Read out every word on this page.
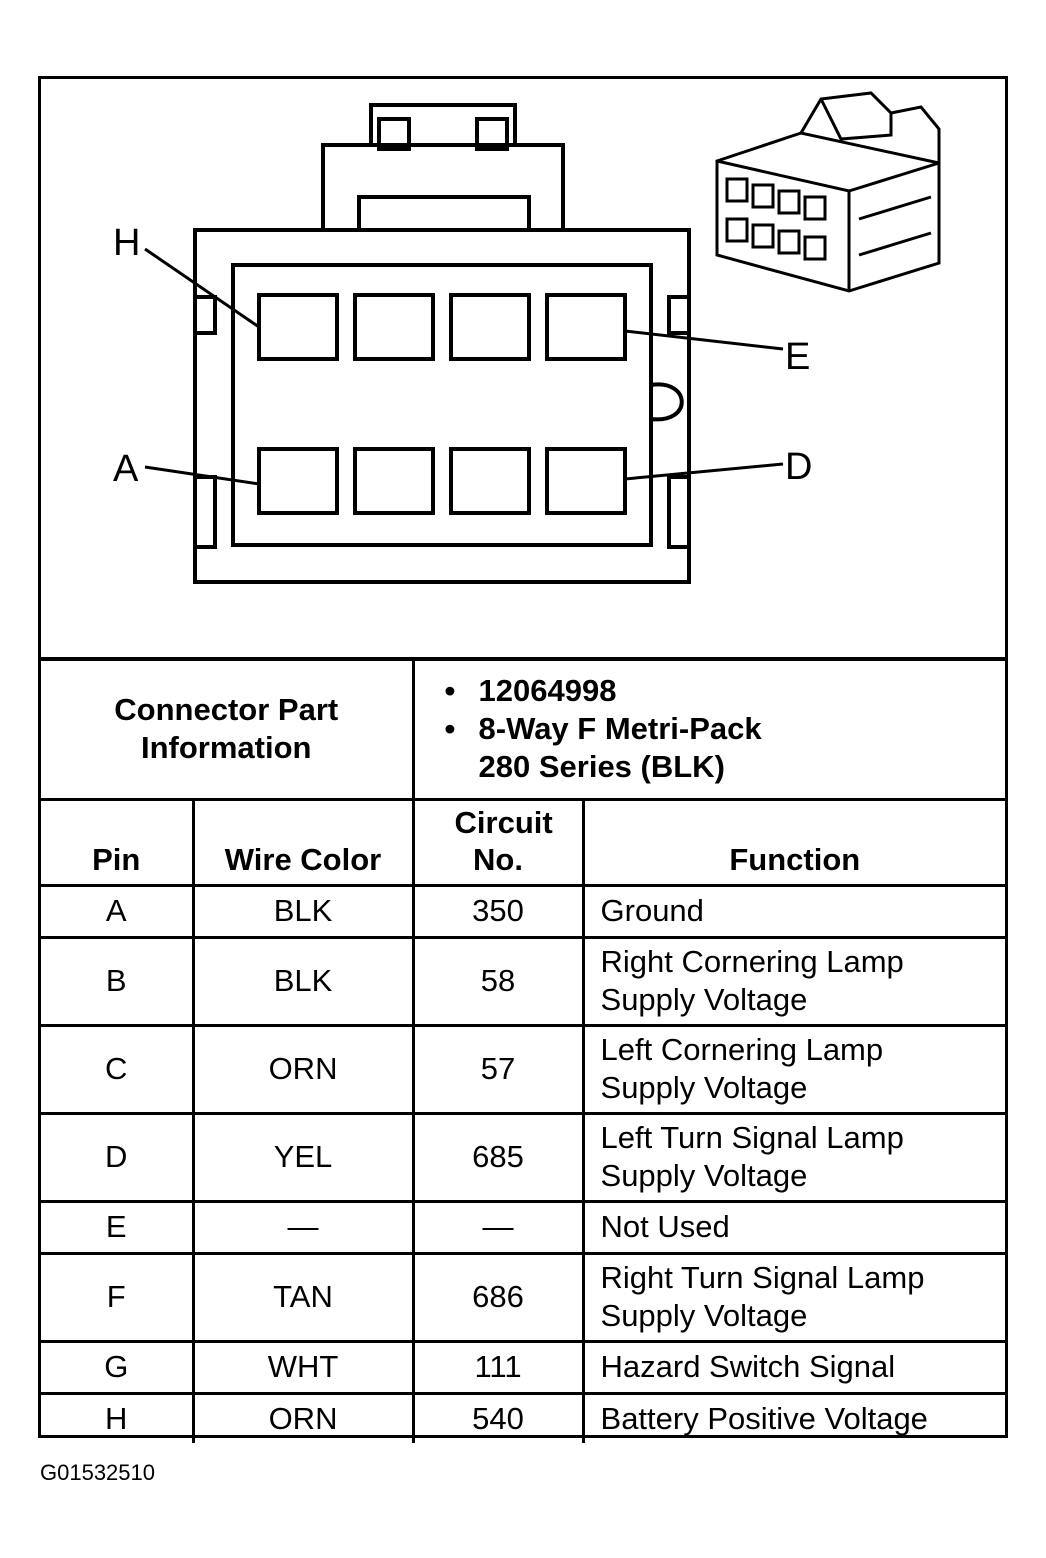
H
E
A	D
Connector Part Information		• 12064998
• 8-Way F Metri-Pack
280 Series (BLK)

Pin	Wire Color	Circuit No.	Function
A	BLK	350	Ground
B	BLK	58	Right Cornering Lamp Supply Voltage
C	ORN	57	Left Cornering Lamp Supply Voltage
D	YEL	685	Left Turn Signal Lamp Supply Voltage
E	—	—	Not Used
F	TAN	686	Right Turn Signal Lamp Supply Voltage
G	WHT	111	Hazard Switch Signal
H	ORN	540	Battery Positive Voltage
G01532510
